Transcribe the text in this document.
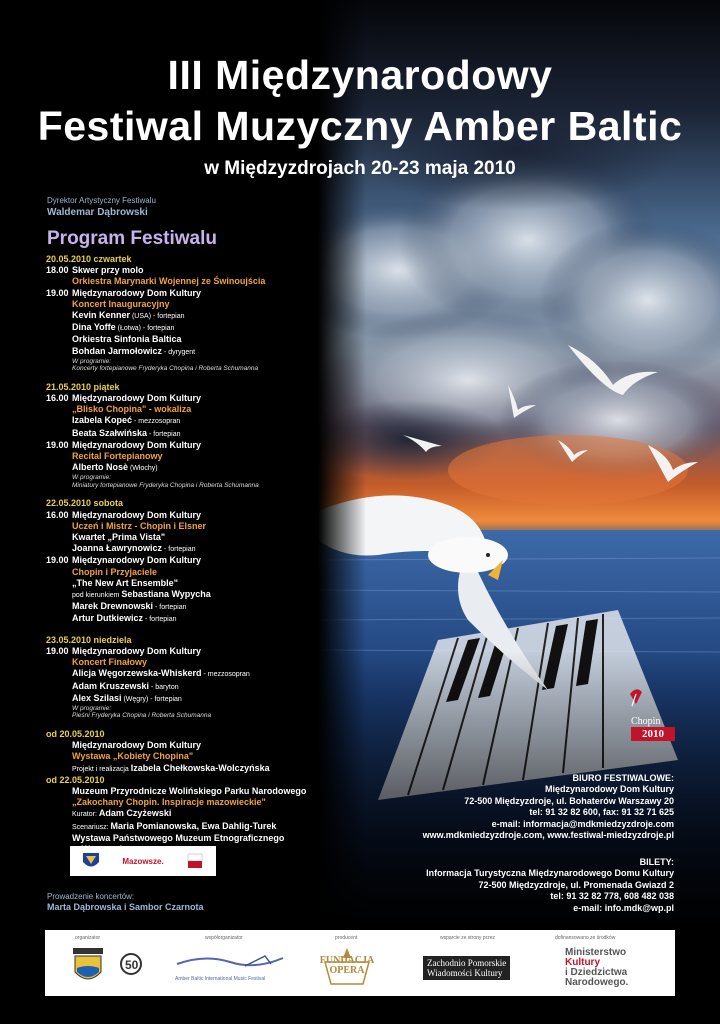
III Międzynarodowy
Festiwal Muzyczny Amber Baltic
w Międzyzdrojach 20-23 maja 2010
Dyrektor Artystyczny Festiwalu
Waldemar Dąbrowski
Program Festiwalu
20.05.2010 czwartek
18.00 Skwer przy molo
Orkiestra Marynarki Wojennej ze Świnoujścia
19.00 Międzynarodowy Dom Kultury
Koncert Inauguracyjny
Kevin Kenner (USA) - fortepian
Dina Yoffe (Łotwa) - fortepian
Orkiestra Sinfonia Baltica
Bohdan Jarmołowicz - dyrygent
W programie:
Koncerty fortepianowe Fryderyka Chopina i Roberta Schumanna
21.05.2010 piątek
16.00 Międzynarodowy Dom Kultury
„Blisko Chopina" - wokaliza
Izabela Kopeć - mezzosopran
Beata Szałwińska - fortepian
19.00 Międzynarodowy Dom Kultury
Recital Fortepianowy
Alberto Nosè (Włochy)
W programie:
Miniatury fortepianowe Fryderyka Chopina i Roberta Schumanna
22.05.2010 sobota
16.00 Międzynarodowy Dom Kultury
Uczeń i Mistrz - Chopin i Elsner
Kwartet „Prima Vista"
Joanna Ławrynowicz - fortepian
19.00 Międzynarodowy Dom Kultury
Chopin i Przyjaciele
„The New Art Ensemble"
pod kierunkiem Sebastiana Wypycha
Marek Drewnowski - fortepian
Artur Dutkiewicz - fortepian
23.05.2010 niedziela
19.00 Międzynarodowy Dom Kultury
Koncert Finałowy
Alicja Węgorzewska-Whiskerd - mezzosopran
Adam Kruszewski - baryton
Alex Szilasi (Węgry) - fortepian
W programie:
Pieśni Fryderyka Chopina i Roberta Schumanna
od 20.05.2010
Międzynarodowy Dom Kultury
Wystawa „Kobiety Chopina"
Projekt i realizacja Izabela Chełkowska-Wolczyńska
od 22.05.2010
Muzeum Przyrodnicze Wolińskiego Parku Narodowego
„Zakochany Chopin. Inspiracje mazowieckie"
Kurator: Adam Czyżewski
Scenariusz: Maria Pomianowska, Ewa Dahlig-Turek
Wystawa Państwowego Muzeum Etnograficznego
Mazowsze.
Prowadzenie koncertów:
Marta Dąbrowska i Sambor Czarnota
Chopin
2010
BIURO FESTIWALOWE:
Międzynarodowy Dom Kultury
72-500 Międzyzdroje, ul. Bohaterów Warszawy 20
tel: 91 32 82 600, fax: 91 32 71 625
e-mail: informacja@mdkmiedzyzdroje.com
www.mdkmiedzyzdroje.com, www.festiwal-miedzyzdroje.pl
BILETY:
Informacja Turystyczna Międzynarodowego Domu Kultury
72-500 Międzyzdroje, ul. Promenada Gwiazd 2
tel: 91 32 82 778, 608 482 038
e-mail: info.mdk@wp.pl
organizator
50
współorganizator
Amber Baltic International Music Festival
producent
FUNDACJA
OPERA
wsparcie ze strony przez
Zachodnio Pomorskie
Wiadomości Kultury
dofinansowano ze środków
Ministerstwo
Kultury
i Dziedzictwa
Narodowego.
